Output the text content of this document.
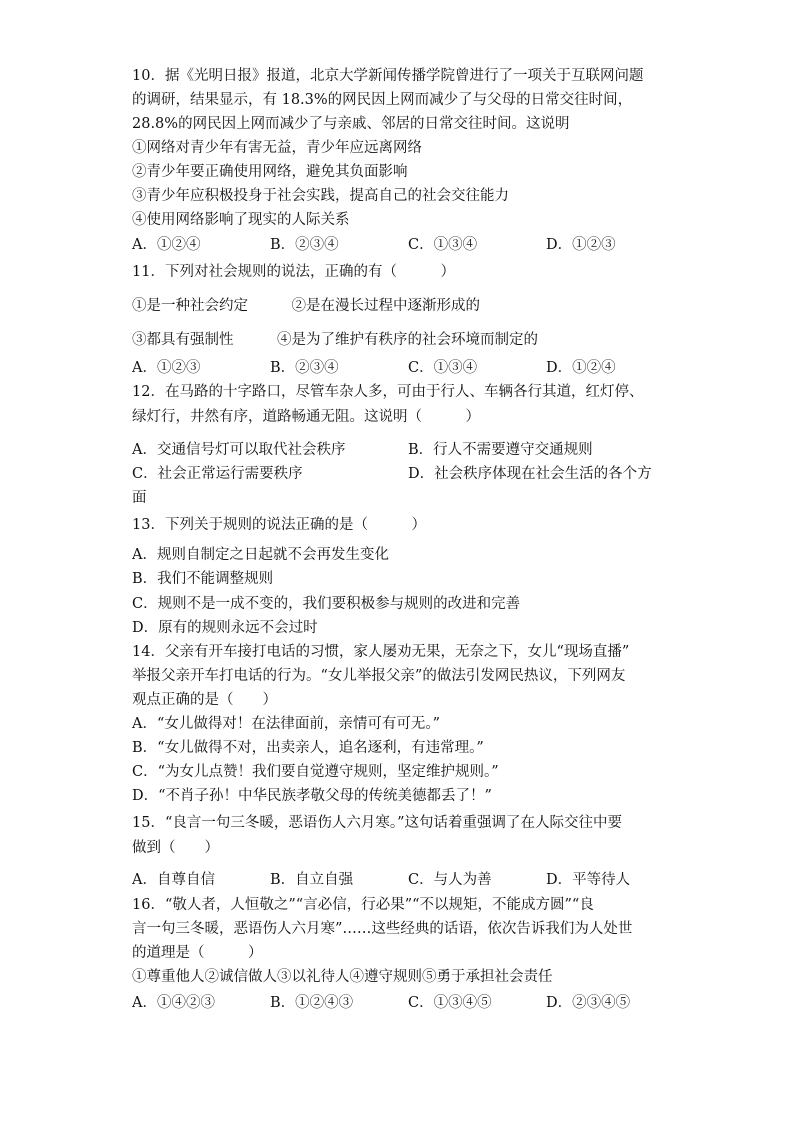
10．据《光明日报》报道，北京大学新闻传播学院曾进行了一项关于互联网问题
的调研，结果显示，有 18.3%的网民因上网而减少了与父母的日常交往时间，
28.8%的网民因上网而减少了与亲戚、邻居的日常交往时间。这说明
①网络对青少年有害无益，青少年应远离网络
②青少年要正确使用网络，避免其负面影响
③青少年应积极投身于社会实践，提高自己的社会交往能力
④使用网络影响了现实的人际关系
A．①②④	B．②③④	C．①③④	D．①②③
11．下列对社会规则的说法，正确的有（　　　）
①是一种社会约定　　　②是在漫长过程中逐渐形成的
③都具有强制性　　　④是为了维护有秩序的社会环境而制定的
A．①②③	B．②③④	C．①③④	D．①②④
12．在马路的十字路口，尽管车杂人多，可由于行人、车辆各行其道，红灯停、
绿灯行，井然有序，道路畅通无阻。这说明（　　　）
A．交通信号灯可以取代社会秩序	B．行人不需要遵守交通规则
C．社会正常运行需要秩序	D．社会秩序体现在社会生活的各个方
面
13．下列关于规则的说法正确的是（　　　）
A．规则自制定之日起就不会再发生变化
B．我们不能调整规则
C．规则不是一成不变的，我们要积极参与规则的改进和完善
D．原有的规则永远不会过时
14．父亲有开车接打电话的习惯，家人屡劝无果，无奈之下，女儿“现场直播”
举报父亲开车打电话的行为。“女儿举报父亲”的做法引发网民热议，下列网友
观点正确的是（　　）
A．“女儿做得对！在法律面前，亲情可有可无。”
B．“女儿做得不对，出卖亲人，追名逐利，有违常理。”
C．“为女儿点赞！我们要自觉遵守规则，坚定维护规则。”
D．“不肖子孙！中华民族孝敬父母的传统美德都丢了！”
15．“良言一句三冬暖，恶语伤人六月寒。”这句话着重强调了在人际交往中要
做到（　　）
A．自尊自信	B．自立自强	C．与人为善	D．平等待人
16．“敬人者，人恒敬之”“言必信，行必果”“不以规矩，不能成方圆”“良
言一句三冬暖，恶语伤人六月寒”……这些经典的话语，依次告诉我们为人处世
的道理是（　　　）
①尊重他人②诚信做人③以礼待人④遵守规则⑤勇于承担社会责任
A．①④②③	B．①②④③	C．①③④⑤	D．②③④⑤
